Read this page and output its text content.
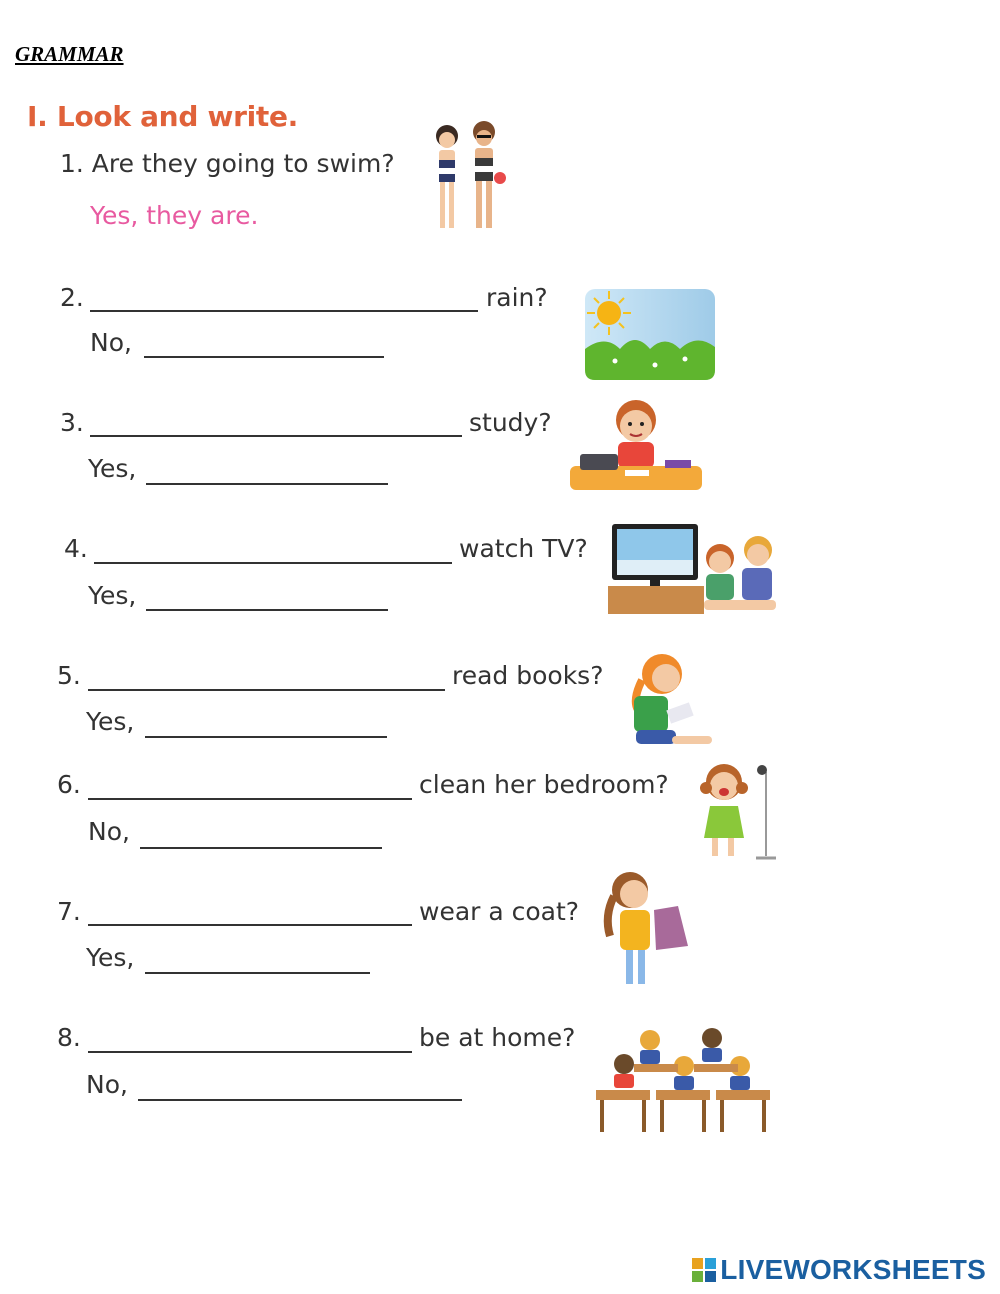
GRAMMAR
I. Look and write.
1. Are they going to swim?
Yes, they are.
2.	rain?
No,
3.	study?
Yes,
4.	watch TV?
Yes,
5.	read books?
Yes,
6.	clean her bedroom?
No,
7.	wear a coat?
Yes,
8.	be at home?
No,
LIVEWORKSHEETS
